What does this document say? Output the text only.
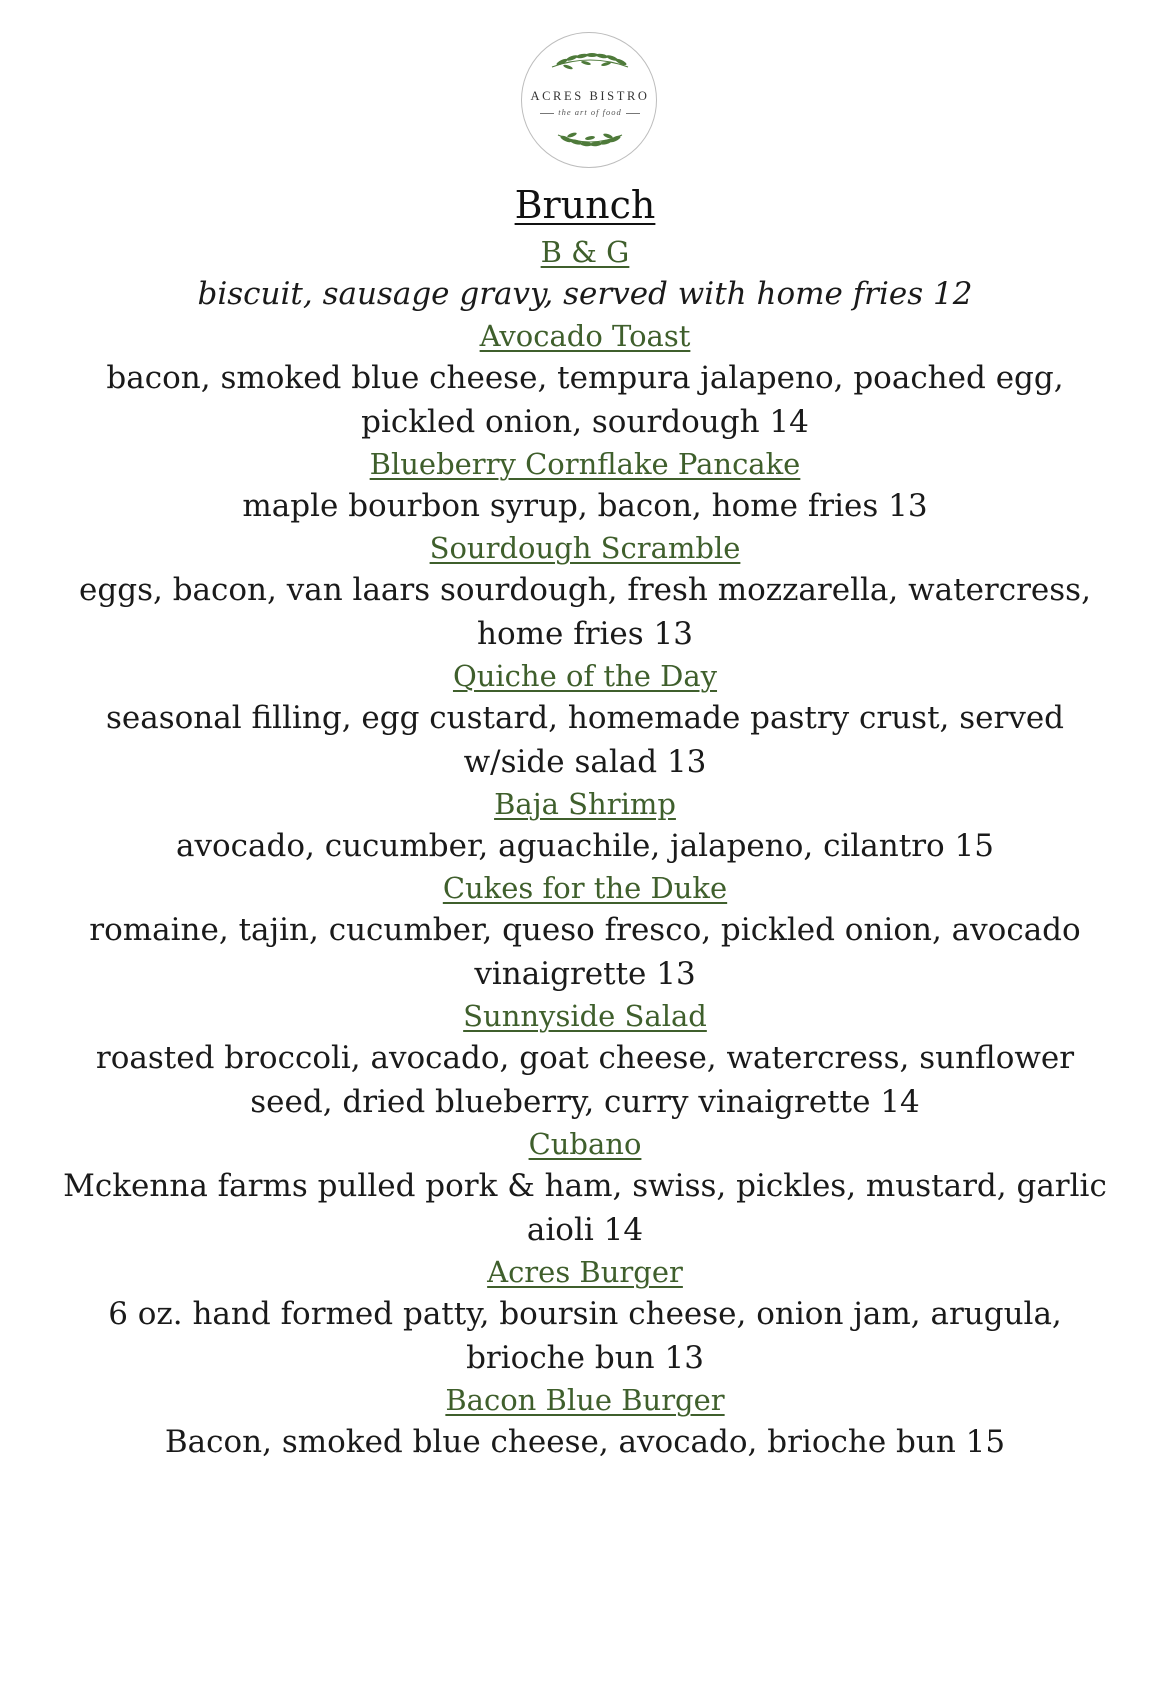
ACRES BISTRO
the art of food
Brunch
B & G
biscuit, sausage gravy, served with home fries 12
Avocado Toast
bacon, smoked blue cheese, tempura jalapeno, poached egg, pickled onion, sourdough 14
Blueberry Cornflake Pancake
maple bourbon syrup, bacon, home fries 13
Sourdough Scramble
eggs, bacon, van laars sourdough, fresh mozzarella, watercress, home fries 13
Quiche of the Day
seasonal filling, egg custard, homemade pastry crust, served w/side salad 13
Baja Shrimp
avocado, cucumber, aguachile, jalapeno, cilantro 15
Cukes for the Duke
romaine, tajin, cucumber, queso fresco, pickled onion, avocado vinaigrette 13
Sunnyside Salad
roasted broccoli, avocado, goat cheese, watercress, sunflower seed, dried blueberry, curry vinaigrette 14
Cubano
Mckenna farms pulled pork & ham, swiss, pickles, mustard, garlic aioli 14
Acres Burger
6 oz. hand formed patty, boursin cheese, onion jam, arugula, brioche bun 13
Bacon Blue Burger
Bacon, smoked blue cheese, avocado, brioche bun 15
